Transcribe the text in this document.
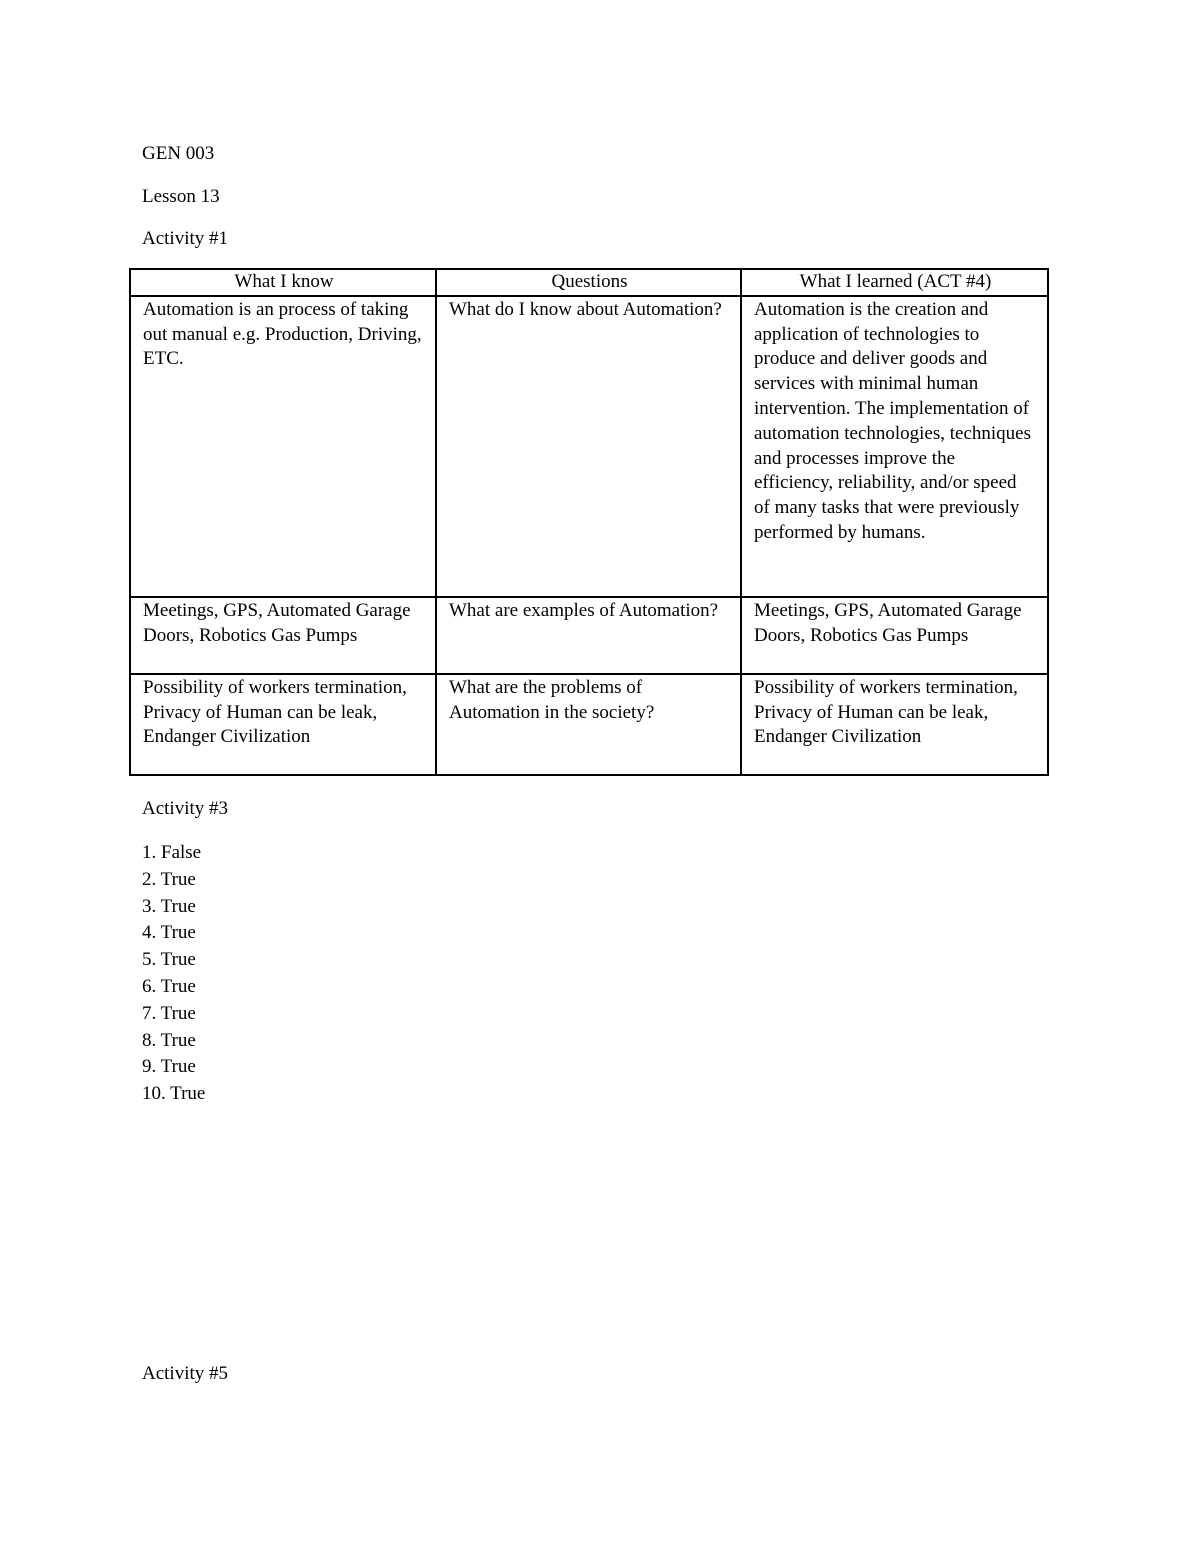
GEN 003

Lesson 13

Activity #1

What I know	Questions	What I learned (ACT #4)
Automation is an process of taking out manual e.g. Production, Driving, ETC.	What do I know about Automation?	Automation is the creation and application of technologies to produce and deliver goods and services with minimal human intervention. The implementation of automation technologies, techniques and processes improve the efficiency, reliability, and/or speed of many tasks that were previously performed by humans.
Meetings, GPS, Automated Garage Doors, Robotics Gas Pumps	What are examples of Automation?	Meetings, GPS, Automated Garage Doors, Robotics Gas Pumps
Possibility of workers termination, Privacy of Human can be leak, Endanger Civilization	What are the problems of Automation in the society?	Possibility of workers termination, Privacy of Human can be leak, Endanger Civilization

Activity #3

1. False
2. True
3. True
4. True
5. True
6. True
7. True
8. True
9. True
10. True

Activity #5
